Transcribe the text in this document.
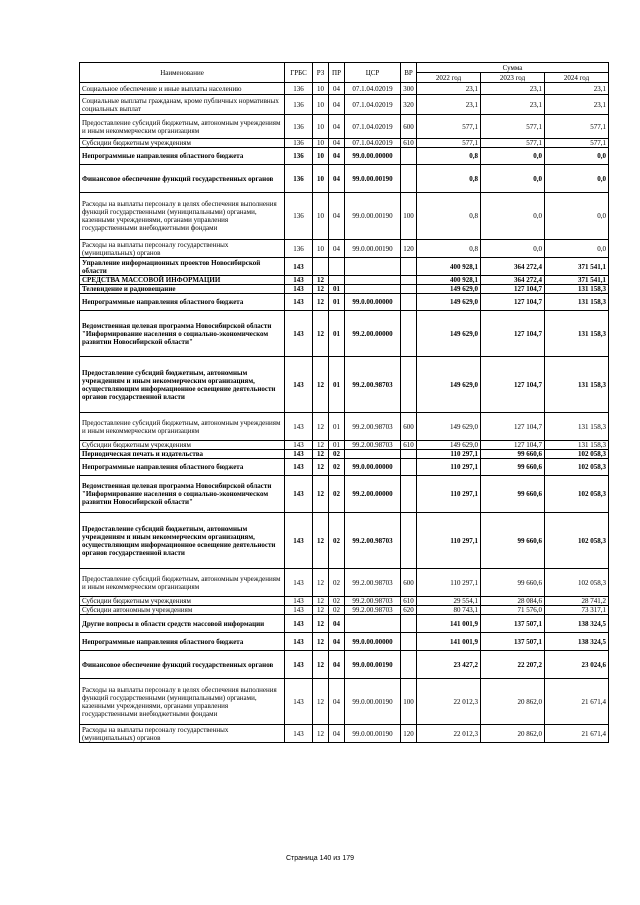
Наименование	ГРБС	РЗ	ПР	ЦСР	ВР	Сумма		
						2022 год	2023 год	2024 год
Социальное обеспечение и иные выплаты населению	136	10	04	07.1.04.02019	300	23,1	23,1	23,1
Социальные выплаты гражданам, кроме публичных нормативных социальных выплат	136	10	04	07.1.04.02019	320	23,1	23,1	23,1
Предоставление субсидий бюджетным, автономным учреждениям и иным некоммерческим организациям	136	10	04	07.1.04.02019	600	577,1	577,1	577,1
Субсидии бюджетным учреждениям	136	10	04	07.1.04.02019	610	577,1	577,1	577,1
Непрограммные направления областного бюджета	136	10	04	99.0.00.00000		0,8	0,0	0,0
Финансовое обеспечение функций государственных органов	136	10	04	99.0.00.00190		0,8	0,0	0,0
Расходы на выплаты персоналу в целях обеспечения выполнения функций государственными (муниципальными) органами, казенными учреждениями, органами управления государственными внебюджетными фондами	136	10	04	99.0.00.00190	100	0,8	0,0	0,0
Расходы на выплаты персоналу государственных (муниципальных) органов	136	10	04	99.0.00.00190	120	0,8	0,0	0,0
Управление информационных проектов Новосибирской области	143					400 928,1	364 272,4	371 541,1
СРЕДСТВА МАССОВОЙ ИНФОРМАЦИИ	143	12				400 928,1	364 272,4	371 541,1
Телевидение и радиовещание	143	12	01			149 629,0	127 104,7	131 158,3
Непрограммные направления областного бюджета	143	12	01	99.0.00.00000		149 629,0	127 104,7	131 158,3
Ведомственная целевая программа Новосибирской области "Информирование населения о социально-экономическом развитии Новосибирской области"	143	12	01	99.2.00.00000		149 629,0	127 104,7	131 158,3
Предоставление субсидий бюджетным, автономным учреждениям и иным некоммерческим организациям, осуществляющим информационное освещение деятельности органов государственной власти	143	12	01	99.2.00.98703		149 629,0	127 104,7	131 158,3
Предоставление субсидий бюджетным, автономным учреждениям и иным некоммерческим организациям	143	12	01	99.2.00.98703	600	149 629,0	127 104,7	131 158,3
Субсидии бюджетным учреждениям	143	12	01	99.2.00.98703	610	149 629,0	127 104,7	131 158,3
Периодическая печать и издательства	143	12	02			110 297,1	99 660,6	102 058,3
Непрограммные направления областного бюджета	143	12	02	99.0.00.00000		110 297,1	99 660,6	102 058,3
Ведомственная целевая программа Новосибирской области "Информирование населения о социально-экономическом развитии Новосибирской области"	143	12	02	99.2.00.00000		110 297,1	99 660,6	102 058,3
Предоставление субсидий бюджетным, автономным учреждениям и иным некоммерческим организациям, осуществляющим информационное освещение деятельности органов государственной власти	143	12	02	99.2.00.98703		110 297,1	99 660,6	102 058,3
Предоставление субсидий бюджетным, автономным учреждениям и иным некоммерческим организациям	143	12	02	99.2.00.98703	600	110 297,1	99 660,6	102 058,3
Субсидии бюджетным учреждениям	143	12	02	99.2.00.98703	610	29 554,1	28 084,6	28 741,2
Субсидии автономным учреждениям	143	12	02	99.2.00.98703	620	80 743,1	71 576,0	73 317,1
Другие вопросы в области средств массовой информации	143	12	04			141 001,9	137 507,1	138 324,5
Непрограммные направления областного бюджета	143	12	04	99.0.00.00000		141 001,9	137 507,1	138 324,5
Финансовое обеспечение функций государственных органов	143	12	04	99.0.00.00190		23 427,2	22 207,2	23 024,6
Расходы на выплаты персоналу в целях обеспечения выполнения функций государственными (муниципальными) органами, казенными учреждениями, органами управления государственными внебюджетными фондами	143	12	04	99.0.00.00190	100	22 012,3	20 862,0	21 671,4
Расходы на выплаты персоналу государственных (муниципальных) органов	143	12	04	99.0.00.00190	120	22 012,3	20 862,0	21 671,4
Страница 140 из 179
